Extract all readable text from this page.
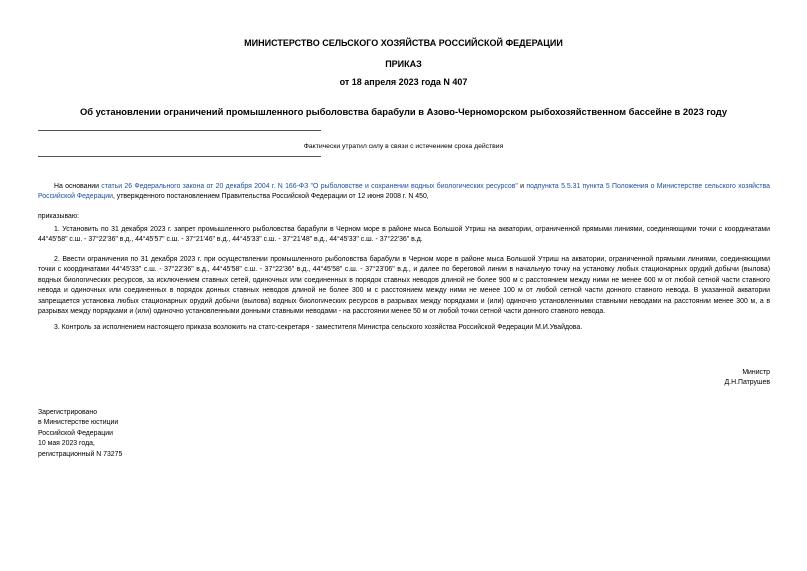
МИНИСТЕРСТВО СЕЛЬСКОГО ХОЗЯЙСТВА РОССИЙСКОЙ ФЕДЕРАЦИИ
ПРИКАЗ
от 18 апреля 2023 года N 407
Об установлении ограничений промышленного рыболовства барабули в Азово-Черноморском рыбохозяйственном бассейне в 2023 году
Фактически утратил силу в связи с истечением срока действия
На основании статьи 26 Федерального закона от 20 декабря 2004 г. N 166-ФЗ "О рыболовстве и сохранении водных биологических ресурсов" и подпункта 5.5.31 пункта 5 Положения о Министерстве сельского хозяйства Российской Федерации, утвержденного постановлением Правительства Российской Федерации от 12 июня 2008 г. N 450,
приказываю:
1. Установить по 31 декабря 2023 г. запрет промышленного рыболовства барабули в Черном море в районе мыса Большой Утриш на акватории, ограниченной прямыми линиями, соединяющими точки с координатами 44°45'58" с.ш. - 37°22'36" в.д., 44°45'57" с.ш. - 37°21'46" в.д., 44°45'33" с.ш. - 37°21'48" в.д., 44°45'33" с.ш. - 37°22'36" в.д.
2. Ввести ограничения по 31 декабря 2023 г. при осуществлении промышленного рыболовства барабули в Черном море в районе мыса Большой Утриш на акватории, ограниченной прямыми линиями, соединяющими точки с координатами 44°45'33" с.ш. - 37°22'36" в.д., 44°45'58" с.ш. - 37°22'36" в.д., 44°45'58" с.ш. - 37°23'06" в.д., и далее по береговой линии в начальную точку на установку любых стационарных орудий добычи (вылова) водных биологических ресурсов, за исключением ставных сетей, одиночных или соединенных в порядок ставных неводов длиной не более 900 м с расстоянием между ними не менее 600 м от любой сетной части ставного невода и одиночных или соединенных в порядок донных ставных неводов длиной не более 300 м с расстоянием между ними не менее 100 м от любой сетной части донного ставного невода. В указанной акватории запрещается установка любых стационарных орудий добычи (вылова) водных биологических ресурсов в разрывах между порядками и (или) одиночно установленными ставными неводами на расстоянии менее 300 м, а в разрывах между порядками и (или) одиночно установленными донными ставными неводами - на расстоянии менее 50 м от любой точки сетной части донного ставного невода.
3. Контроль за исполнением настоящего приказа возложить на статс-секретаря - заместителя Министра сельского хозяйства Российской Федерации М.И.Увайдова.
Министр
Д.Н.Патрушев
Зарегистрировано
в Министерстве юстиции
Российской Федерации
10 мая 2023 года,
регистрационный N 73275
